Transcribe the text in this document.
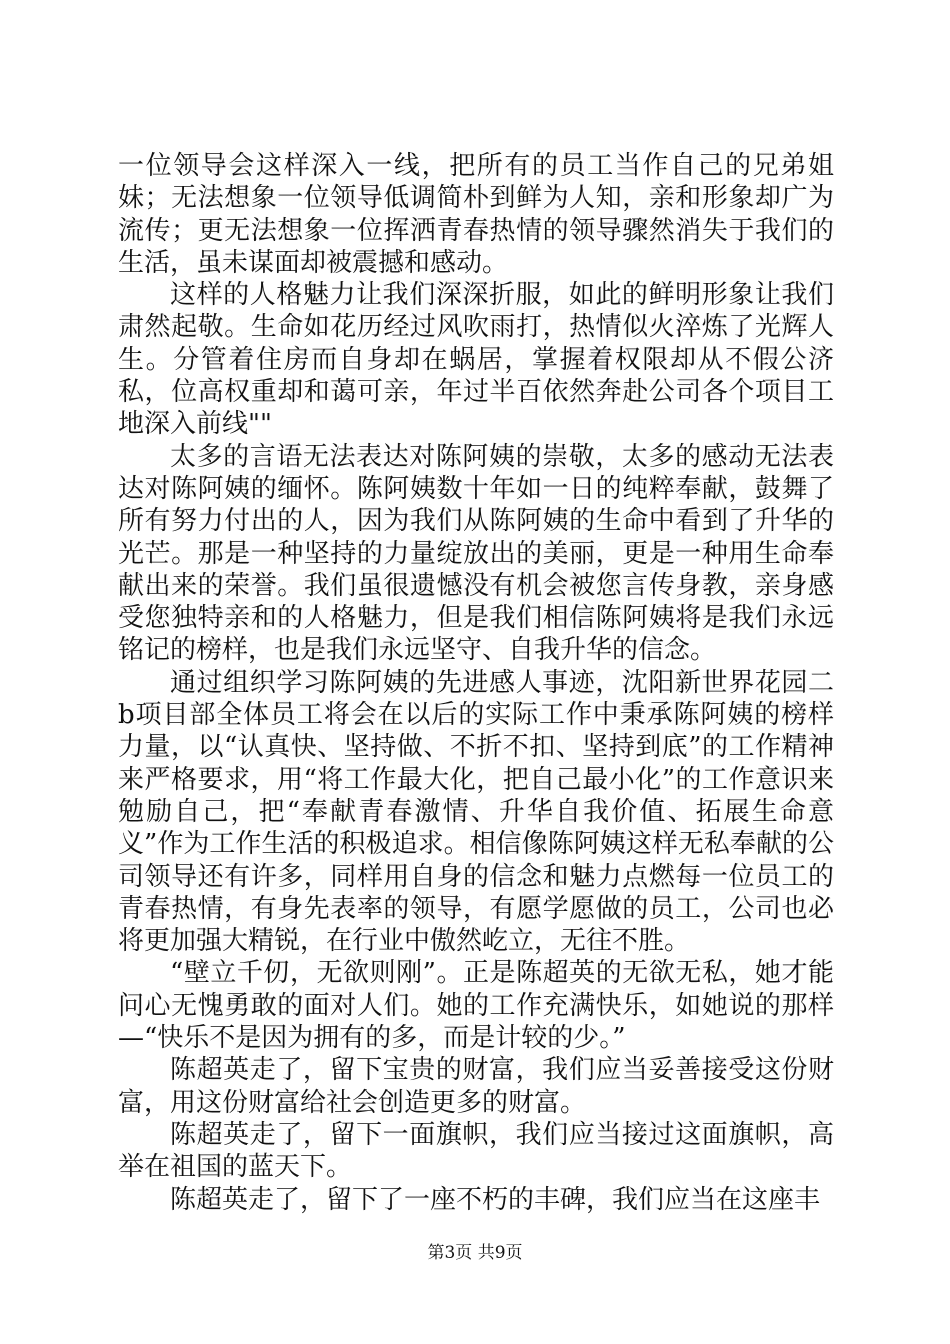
一位领导会这样深入一线，把所有的员工当作自己的兄弟姐妹；无法想象一位领导低调简朴到鲜为人知，亲和形象却广为流传；更无法想象一位挥洒青春热情的领导骤然消失于我们的生活，虽未谋面却被震撼和感动。

这样的人格魅力让我们深深折服，如此的鲜明形象让我们肃然起敬。生命如花历经过风吹雨打，热情似火淬炼了光辉人生。分管着住房而自身却在蜗居，掌握着权限却从不假公济私，位高权重却和蔼可亲，年过半百依然奔赴公司各个项目工地深入前线""

太多的言语无法表达对陈阿姨的崇敬，太多的感动无法表达对陈阿姨的缅怀。陈阿姨数十年如一日的纯粹奉献，鼓舞了所有努力付出的人，因为我们从陈阿姨的生命中看到了升华的光芒。那是一种坚持的力量绽放出的美丽，更是一种用生命奉献出来的荣誉。我们虽很遗憾没有机会被您言传身教，亲身感受您独特亲和的人格魅力，但是我们相信陈阿姨将是我们永远铭记的榜样，也是我们永远坚守、自我升华的信念。

通过组织学习陈阿姨的先进感人事迹，沈阳新世界花园二b项目部全体员工将会在以后的实际工作中秉承陈阿姨的榜样力量，以“认真快、坚持做、不折不扣、坚持到底”的工作精神来严格要求，用“将工作最大化，把自己最小化”的工作意识来勉励自己，把“奉献青春激情、升华自我价值、拓展生命意义”作为工作生活的积极追求。相信像陈阿姨这样无私奉献的公司领导还有许多，同样用自身的信念和魅力点燃每一位员工的青春热情，有身先表率的领导，有愿学愿做的员工，公司也必将更加强大精锐，在行业中傲然屹立，无往不胜。

“壁立千仞，无欲则刚”。正是陈超英的无欲无私，她才能问心无愧勇敢的面对人们。她的工作充满快乐，如她说的那样—“快乐不是因为拥有的多，而是计较的少。”

陈超英走了，留下宝贵的财富，我们应当妥善接受这份财富，用这份财富给社会创造更多的财富。

陈超英走了，留下一面旗帜，我们应当接过这面旗帜，高举在祖国的蓝天下。

陈超英走了，留下了一座不朽的丰碑，我们应当在这座丰

第3页 共9页
